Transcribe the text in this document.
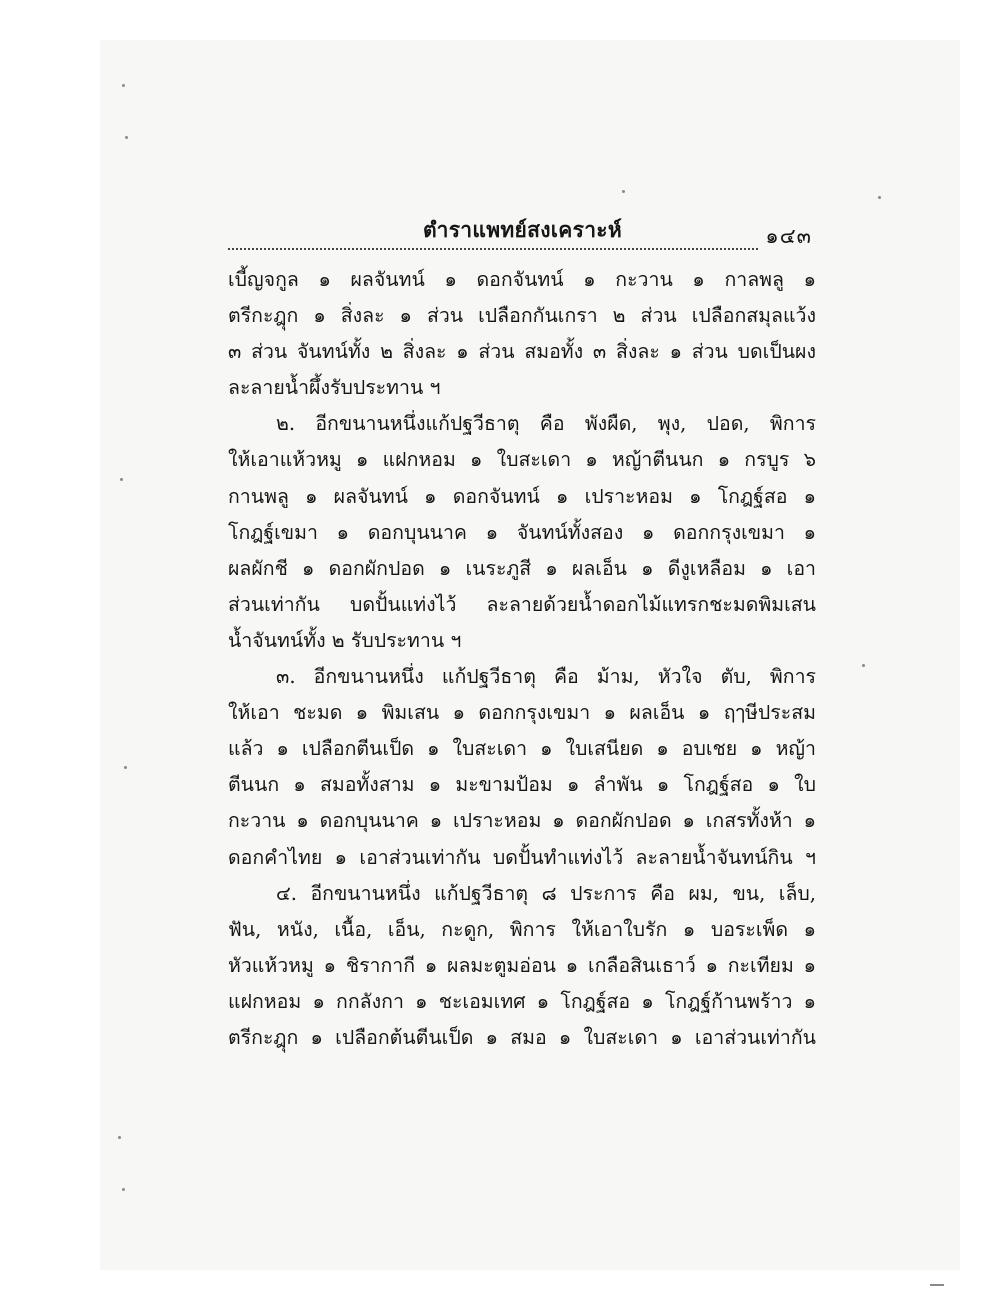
ตำราแพทย์สงเคราะห์	๑๔๓
เบี้ญจกูล ๑ ผลจันทน์ ๑ ดอกจันทน์ ๑ กะวาน ๑ กาลพลู ๑
ตรีกะฎุก ๑ สิ่งละ ๑ ส่วน เปลือกกันเกรา ๒ ส่วน เปลือกสมุลแว้ง
๓ ส่วน จันทน์ทั้ง ๒ สิ่งละ ๑ ส่วน สมอทั้ง ๓ สิ่งละ ๑ ส่วน บดเป็นผง
ละลายน้ำผึ้งรับประทาน ฯ
๒. อีกขนานหนึ่งแก้ปฐวีธาตุ คือ พังผืด, พุง, ปอด, พิการ
ให้เอาแห้วหมู ๑ แฝกหอม ๑ ใบสะเดา ๑ หญ้าตีนนก ๑ กรบูร ๖
กานพลู ๑ ผลจันทน์ ๑ ดอกจันทน์ ๑ เปราะหอม ๑ โกฎฐ์สอ ๑
โกฎฐ์เขมา ๑ ดอกบุนนาค ๑ จันทน์ทั้งสอง ๑ ดอกกรุงเขมา ๑
ผลผักชี ๑ ดอกผักปอด ๑ เนระภูสี ๑ ผลเอ็น ๑ ดีงูเหลือม ๑ เอา
ส่วนเท่ากัน บดปั้นแท่งไว้ ละลายด้วยน้ำดอกไม้แทรกชะมดพิมเสน
น้ำจันทน์ทั้ง ๒ รับประทาน ฯ
๓. อีกขนานหนึ่ง แก้ปฐวีธาตุ คือ ม้าม, หัวใจ ตับ, พิการ
ให้เอา ชะมด ๑ พิมเสน ๑ ดอกกรุงเขมา ๑ ผลเอ็น ๑ ฤๅษีประสม
แล้ว ๑ เปลือกตีนเป็ด ๑ ใบสะเดา ๑ ใบเสนียด ๑ อบเชย ๑ หญ้า
ตีนนก ๑ สมอทั้งสาม ๑ มะขามป้อม ๑ ลำพัน ๑ โกฎฐ์สอ ๑ ใบ
กะวาน ๑ ดอกบุนนาค ๑ เปราะหอม ๑ ดอกผักปอด ๑ เกสรทั้งห้า ๑
ดอกคำไทย ๑ เอาส่วนเท่ากัน บดปั้นทำแท่งไว้ ละลายน้ำจันทน์กิน ฯ
๔. อีกขนานหนึ่ง แก้ปฐวีธาตุ ๘ ประการ คือ ผม, ขน, เล็บ,
ฟัน, หนัง, เนื้อ, เอ็น, กะดูก, พิการ ให้เอาใบรัก ๑ บอระเพ็ด ๑
หัวแห้วหมู ๑ ชิรากากี ๑ ผลมะตูมอ่อน ๑ เกลือสินเธาว์ ๑ กะเทียม ๑
แฝกหอม ๑ กกลังกา ๑ ชะเอมเทศ ๑ โกฎฐ์สอ ๑ โกฎฐ์ก้านพร้าว ๑
ตรีกะฎุก ๑ เปลือกต้นตีนเป็ด ๑ สมอ ๑ ใบสะเดา ๑ เอาส่วนเท่ากัน
